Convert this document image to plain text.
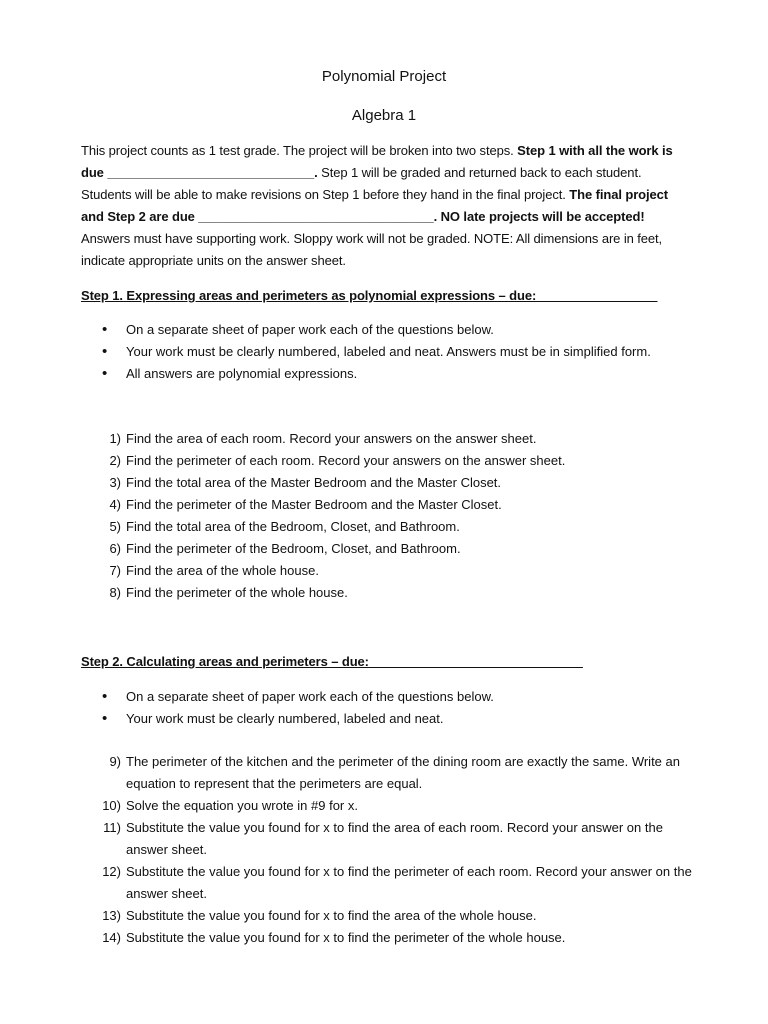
Polynomial Project
Algebra 1
This project counts as 1 test grade. The project will be broken into two steps. Step 1 with all the work is due _____________________________. Step 1 will be graded and returned back to each student. Students will be able to make revisions on Step 1 before they hand in the final project. The final project and Step 2 are due _________________________________. NO late projects will be accepted! Answers must have supporting work. Sloppy work will not be graded. NOTE: All dimensions are in feet, indicate appropriate units on the answer sheet.
Step 1. Expressing areas and perimeters as polynomial expressions – due:_________________
• On a separate sheet of paper work each of the questions below.
• Your work must be clearly numbered, labeled and neat. Answers must be in simplified form.
• All answers are polynomial expressions.
1) Find the area of each room. Record your answers on the answer sheet.
2) Find the perimeter of each room. Record your answers on the answer sheet.
3) Find the total area of the Master Bedroom and the Master Closet.
4) Find the perimeter of the Master Bedroom and the Master Closet.
5) Find the total area of the Bedroom, Closet, and Bathroom.
6) Find the perimeter of the Bedroom, Closet, and Bathroom.
7) Find the area of the whole house.
8) Find the perimeter of the whole house.
Step 2. Calculating areas and perimeters – due:______________________________
• On a separate sheet of paper work each of the questions below.
• Your work must be clearly numbered, labeled and neat.
9) The perimeter of the kitchen and the perimeter of the dining room are exactly the same. Write an equation to represent that the perimeters are equal.
10) Solve the equation you wrote in #9 for x.
11) Substitute the value you found for x to find the area of each room. Record your answer on the answer sheet.
12) Substitute the value you found for x to find the perimeter of each room. Record your answer on the answer sheet.
13) Substitute the value you found for x to find the area of the whole house.
14) Substitute the value you found for x to find the perimeter of the whole house.
